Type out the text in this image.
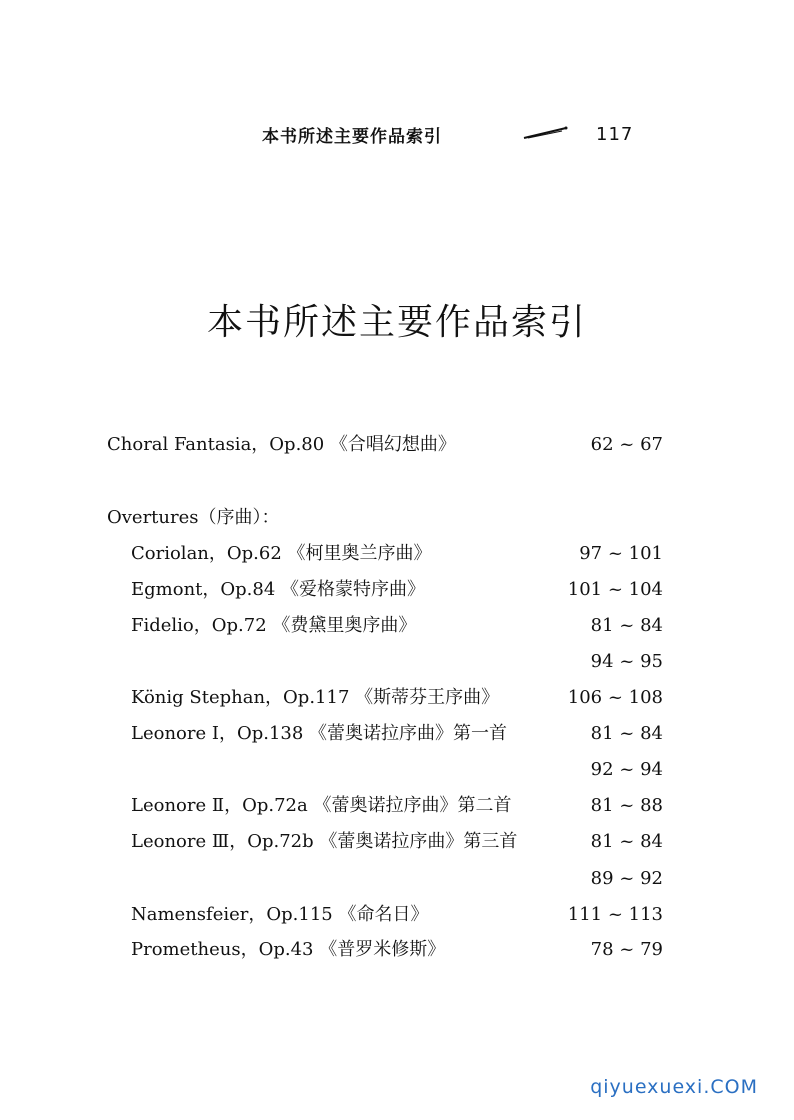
本书所述主要作品索引	117
本书所述主要作品索引
Choral Fantasia，Op.80 《合唱幻想曲》	62 ~ 67
Overtures（序曲）：
Coriolan，Op.62 《柯里奥兰序曲》	97 ~ 101
Egmont，Op.84 《爱格蒙特序曲》	101 ~ 104
Fidelio，Op.72 《费黛里奥序曲》	81 ~ 84
94 ~ 95
König Stephan，Op.117 《斯蒂芬王序曲》	106 ~ 108
Leonore Ⅰ，Op.138 《蕾奥诺拉序曲》第一首	81 ~ 84
92 ~ 94
Leonore Ⅱ，Op.72a 《蕾奥诺拉序曲》第二首	81 ~ 88
Leonore Ⅲ，Op.72b 《蕾奥诺拉序曲》第三首	81 ~ 84
89 ~ 92
Namensfeier，Op.115 《命名日》	111 ~ 113
Prometheus，Op.43 《普罗米修斯》	78 ~ 79
qiyuexuexi.COM
